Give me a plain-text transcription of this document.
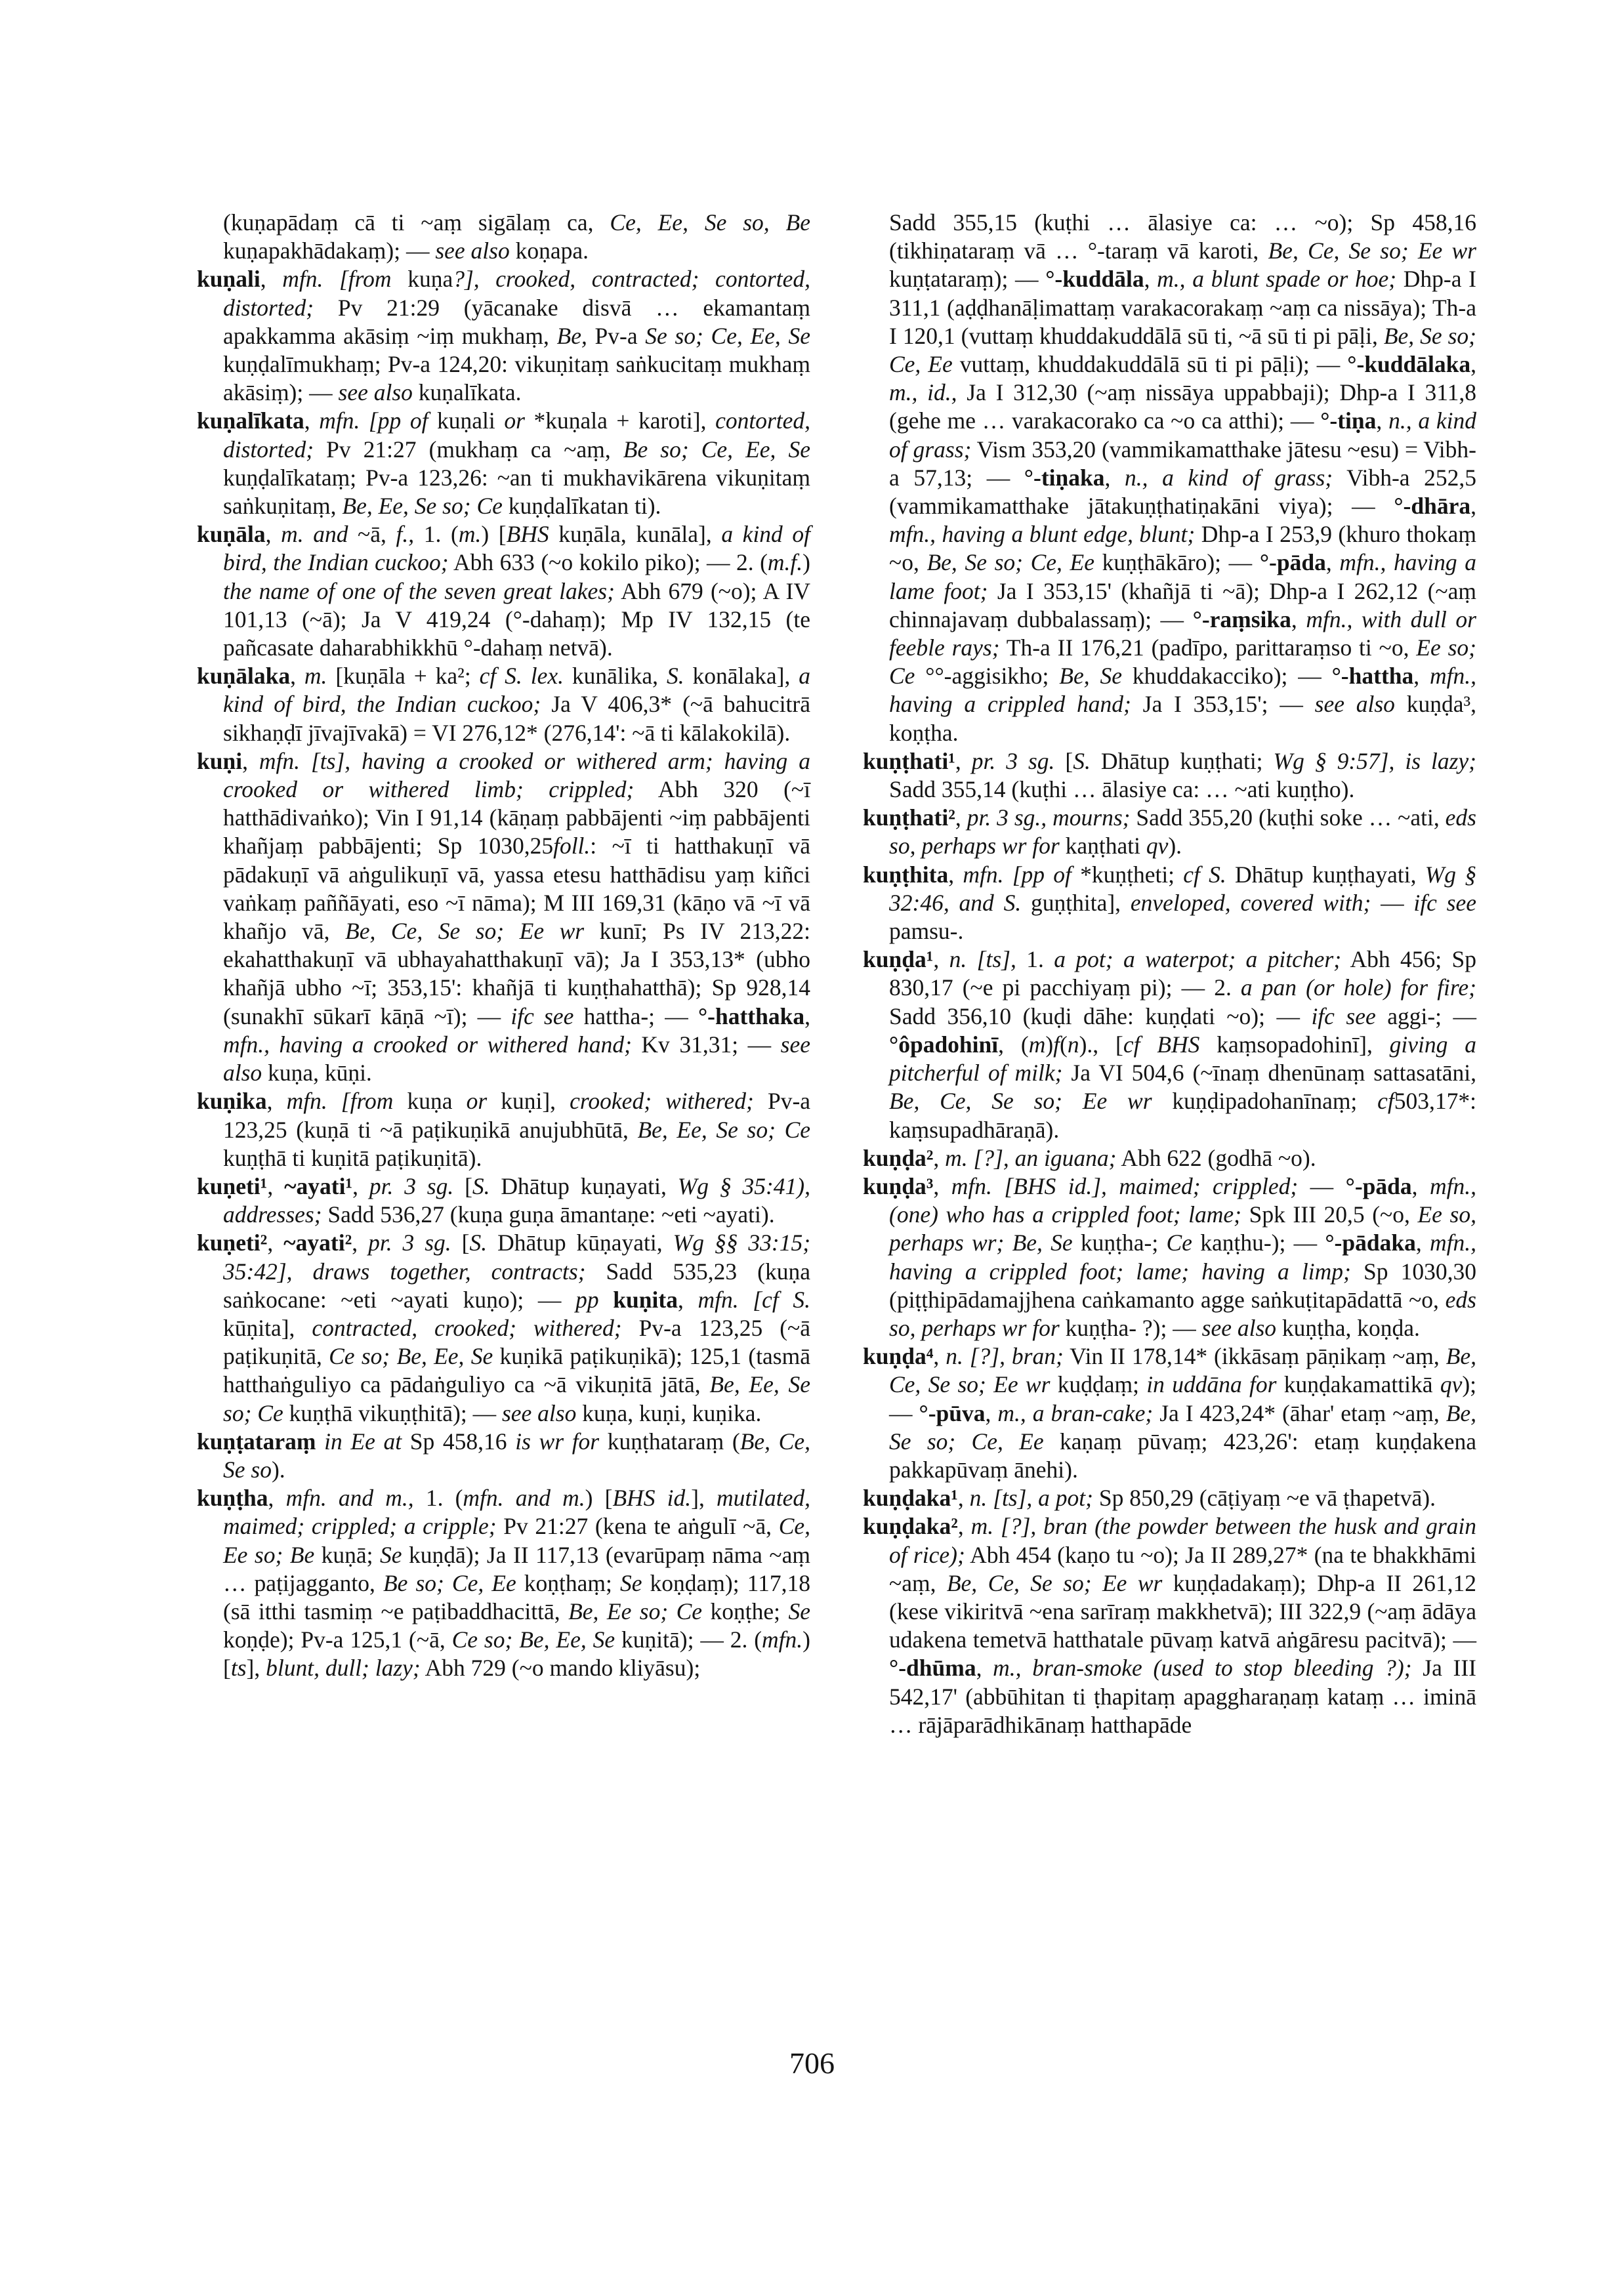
(kuṇapādaṃ cā ti ~aṃ sigālaṃ ca, Ce, Ee, Se so, Be kuṇapakhādakaṃ); — see also koṇapa.

kuṇali, mfn. [from kuṇa?], crooked, contracted; contorted, distorted; Pv 21:29 (yācanake disvā … ekamantaṃ apakkamma akāsiṃ ~iṃ mukhaṃ, Be, Pv-a Se so; Ce, Ee, Se kuṇḍalīmukhaṃ; Pv-a 124,20: vikuṇitaṃ saṅkucitaṃ mukhaṃ akāsiṃ); — see also kuṇalīkata.

kuṇalīkata, mfn. [pp of kuṇali or *kuṇala + karoti], contorted, distorted; Pv 21:27 (mukhaṃ ca ~aṃ, Be so; Ce, Ee, Se kuṇḍalīkataṃ; Pv-a 123,26: ~an ti mukhavikārena vikuṇitaṃ saṅkuṇitaṃ, Be, Ee, Se so; Ce kuṇḍalīkatan ti).

kuṇāla, m. and ~ā, f., 1. (m.) [BHS kuṇāla, kunāla], a kind of bird, the Indian cuckoo; Abh 633 (~o kokilo piko); — 2. (m.f.) the name of one of the seven great lakes; Abh 679 (~o); A IV 101,13 (~ā); Ja V 419,24 (°-dahaṃ); Mp IV 132,15 (te pañcasate daharabhikkhū °-dahaṃ netvā).

kuṇālaka, m. [kuṇāla + ka²; cf S. lex. kunālika, S. konālaka], a kind of bird, the Indian cuckoo; Ja V 406,3* (~ā bahucitrā sikhaṇḍī jīvajīvakā) = VI 276,12* (276,14': ~ā ti kālakokilā).

kuṇi, mfn. [ts], having a crooked or withered arm; having a crooked or withered limb; crippled; Abh 320 (~ī hatthādivaṅko); Vin I 91,14 (kāṇaṃ pabbājenti ~iṃ pabbājenti khañjaṃ pabbājenti; Sp 1030,25foll.: ~ī ti hatthakuṇī vā pādakuṇī vā aṅgulikuṇī vā, yassa etesu hatthādisu yaṃ kiñci vaṅkaṃ paññāyati, eso ~ī nāma); M III 169,31 (kāṇo vā ~ī vā khañjo vā, Be, Ce, Se so; Ee wr kunī; Ps IV 213,22: ekahatthakuṇī vā ubhayahatthakuṇī vā); Ja I 353,13* (ubho khañjā ubho ~ī; 353,15': khañjā ti kuṇṭhahatthā); Sp 928,14 (sunakhī sūkarī kāṇā ~ī); — ifc see hattha-; — °-hatthaka, mfn., having a crooked or withered hand; Kv 31,31; — see also kuṇa, kūṇi.

kuṇika, mfn. [from kuṇa or kuṇi], crooked; withered; Pv-a 123,25 (kuṇā ti ~ā paṭikuṇikā anujubhūtā, Be, Ee, Se so; Ce kuṇṭhā ti kuṇitā paṭikuṇitā).

kuṇeti¹, ~ayati¹, pr. 3 sg. [S. Dhātup kuṇayati, Wg § 35:41), addresses; Sadd 536,27 (kuṇa guṇa āmantaṇe: ~eti ~ayati).

kuṇeti², ~ayati², pr. 3 sg. [S. Dhātup kūṇayati, Wg §§ 33:15; 35:42], draws together, contracts; Sadd 535,23 (kuṇa saṅkocane: ~eti ~ayati kuṇo); — pp kuṇita, mfn. [cf S. kūṇita], contracted, crooked; withered; Pv-a 123,25 (~ā paṭikuṇitā, Ce so; Be, Ee, Se kuṇikā paṭikuṇikā); 125,1 (tasmā hatthaṅguliyo ca pādaṅguliyo ca ~ā vikuṇitā jātā, Be, Ee, Se so; Ce kuṇṭhā vikuṇṭhitā); — see also kuṇa, kuṇi, kuṇika.

kuṇṭataraṃ in Ee at Sp 458,16 is wr for kuṇṭhataraṃ (Be, Ce, Se so).

kuṇṭha, mfn. and m., 1. (mfn. and m.) [BHS id.], mutilated, maimed; crippled; a cripple; Pv 21:27 (kena te aṅgulī ~ā, Ce, Ee so; Be kuṇā; Se kuṇḍā); Ja II 117,13 (evarūpaṃ nāma ~aṃ … paṭijagganto, Be so; Ce, Ee koṇṭhaṃ; Se koṇḍaṃ); 117,18 (sā itthi tasmiṃ ~e paṭibaddhacittā, Be, Ee so; Ce koṇṭhe; Se koṇḍe); Pv-a 125,1 (~ā, Ce so; Be, Ee, Se kuṇitā); — 2. (mfn.) [ts], blunt, dull; lazy; Abh 729 (~o mando kliyāsu);

Sadd 355,15 (kuṭhi … ālasiye ca: … ~o); Sp 458,16 (tikhiṇataraṃ vā … °-taraṃ vā karoti, Be, Ce, Se so; Ee wr kuṇṭataraṃ); — °-kuddāla, m., a blunt spade or hoe; Dhp-a I 311,1 (aḍḍhanāḷimattaṃ varakacorakaṃ ~aṃ ca nissāya); Th-a I 120,1 (vuttaṃ khuddakuddālā sū ti, ~ā sū ti pi pāḷi, Be, Se so; Ce, Ee vuttaṃ, khuddakuddālā sū ti pi pāḷi); — °-kuddālaka, m., id., Ja I 312,30 (~aṃ nissāya uppabbaji); Dhp-a I 311,8 (gehe me … varakacorako ca ~o ca atthi); — °-tiṇa, n., a kind of grass; Vism 353,20 (vammikamatthake jātesu ~esu) = Vibh-a 57,13; — °-tiṇaka, n., a kind of grass; Vibh-a 252,5 (vammikamatthake jātakuṇṭhatiṇakāni viya); — °-dhāra, mfn., having a blunt edge, blunt; Dhp-a I 253,9 (khuro thokaṃ ~o, Be, Se so; Ce, Ee kuṇṭhākāro); — °-pāda, mfn., having a lame foot; Ja I 353,15' (khañjā ti ~ā); Dhp-a I 262,12 (~aṃ chinnajavaṃ dubbalassaṃ); — °-raṃsika, mfn., with dull or feeble rays; Th-a II 176,21 (padīpo, parittaraṃso ti ~o, Ee so; Ce °°-aggisikho; Be, Se khuddakacciko); — °-hattha, mfn., having a crippled hand; Ja I 353,15'; — see also kuṇḍa³, koṇṭha.

kuṇṭhati¹, pr. 3 sg. [S. Dhātup kuṇṭhati; Wg § 9:57], is lazy; Sadd 355,14 (kuṭhi … ālasiye ca: … ~ati kuṇṭho).

kuṇṭhati², pr. 3 sg., mourns; Sadd 355,20 (kuṭhi soke … ~ati, eds so, perhaps wr for kaṇṭhati qv).

kuṇṭhita, mfn. [pp of *kuṇṭheti; cf S. Dhātup kuṇṭhayati, Wg § 32:46, and S. guṇṭhita], enveloped, covered with; — ifc see pamsu-.

kuṇḍa¹, n. [ts], 1. a pot; a waterpot; a pitcher; Abh 456; Sp 830,17 (~e pi pacchiyaṃ pi); — 2. a pan (or hole) for fire; Sadd 356,10 (kuḍi dāhe: kuṇḍati ~o); — ifc see aggi-; — °ôpadohinī, (m)f(n)., [cf BHS kaṃsopadohinī], giving a pitcherful of milk; Ja VI 504,6 (~īnaṃ dhenūnaṃ sattasatāni, Be, Ce, Se so; Ee wr kuṇḍipadohanīnaṃ; cf503,17*: kaṃsupadhāraṇā).

kuṇḍa², m. [?], an iguana; Abh 622 (godhā ~o).

kuṇḍa³, mfn. [BHS id.], maimed; crippled; — °-pāda, mfn., (one) who has a crippled foot; lame; Spk III 20,5 (~o, Ee so, perhaps wr; Be, Se kuṇṭha-; Ce kaṇṭhu-); — °-pādaka, mfn., having a crippled foot; lame; having a limp; Sp 1030,30 (piṭṭhipādamajjhena caṅkamanto agge saṅkuṭitapādattā ~o, eds so, perhaps wr for kuṇṭha- ?); — see also kuṇṭha, koṇḍa.

kuṇḍa⁴, n. [?], bran; Vin II 178,14* (ikkāsaṃ pāṇikaṃ ~aṃ, Be, Ce, Se so; Ee wr kuḍḍaṃ; in uddāna for kuṇḍakamattikā qv); — °-pūva, m., a bran-cake; Ja I 423,24* (āhar' etaṃ ~aṃ, Be, Se so; Ce, Ee kaṇaṃ pūvaṃ; 423,26': etaṃ kuṇḍakena pakkapūvaṃ ānehi).

kuṇḍaka¹, n. [ts], a pot; Sp 850,29 (cāṭiyaṃ ~e vā ṭhapetvā).

kuṇḍaka², m. [?], bran (the powder between the husk and grain of rice); Abh 454 (kaṇo tu ~o); Ja II 289,27* (na te bhakkhāmi ~aṃ, Be, Ce, Se so; Ee wr kuṇḍadakaṃ); Dhp-a II 261,12 (kese vikiritvā ~ena sarīraṃ makkhetvā); III 322,9 (~aṃ ādāya udakena temetvā hatthatale pūvaṃ katvā aṅgāresu pacitvā); — °-dhūma, m., bran-smoke (used to stop bleeding ?); Ja III 542,17' (abbūhitan ti ṭhapitaṃ apaggharaṇaṃ kataṃ … iminā … rājāparādhikānaṃ hatthapāde

706
